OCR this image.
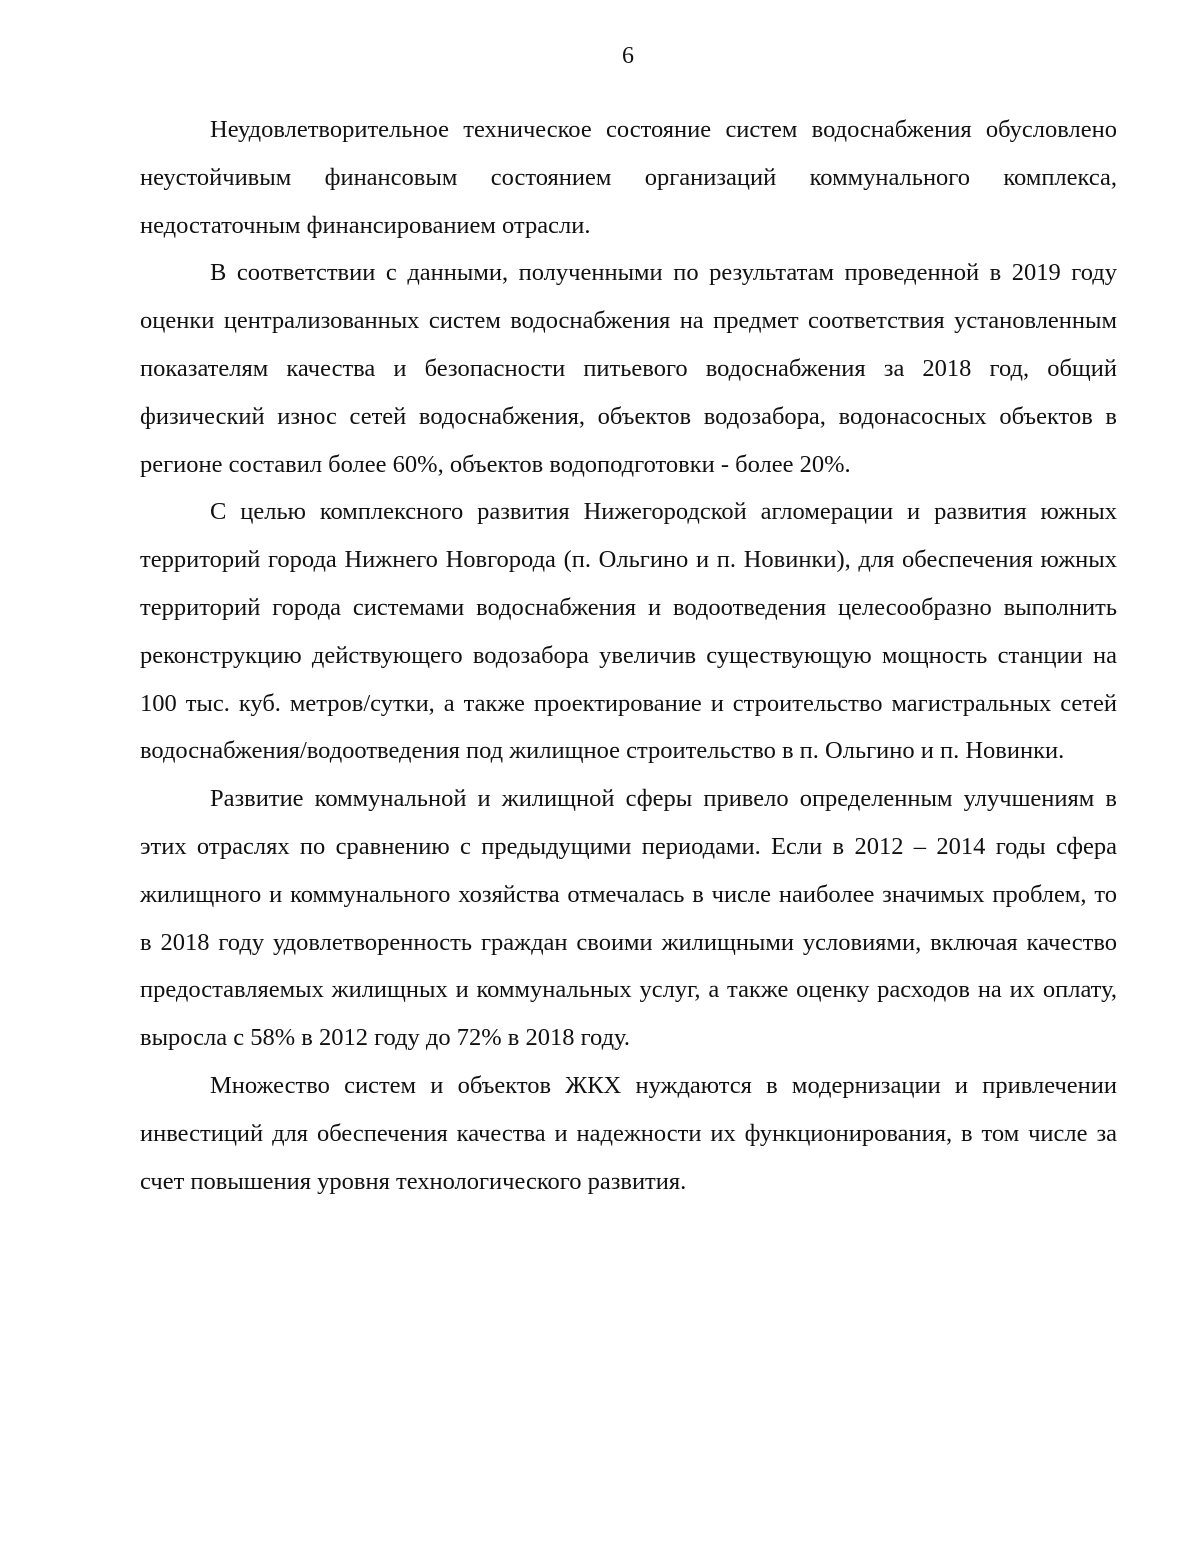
6

Неудовлетворительное техническое состояние систем водоснабжения обусловлено неустойчивым финансовым состоянием организаций коммунального комплекса, недостаточным финансированием отрасли.

В соответствии с данными, полученными по результатам проведенной в 2019 году оценки централизованных систем водоснабжения на предмет соответствия установленным показателям качества и безопасности питьевого водоснабжения за 2018 год, общий физический износ сетей водоснабжения, объектов водозабора, водонасосных объектов в регионе составил более 60%, объектов водоподготовки - более 20%.

С целью комплексного развития Нижегородской агломерации и развития южных территорий города Нижнего Новгорода (п. Ольгино и п. Новинки), для обеспечения южных территорий города системами водоснабжения и водоотведения целесообразно выполнить реконструкцию действующего водозабора увеличив существующую мощность станции на 100 тыс. куб. метров/сутки, а также проектирование и строительство магистральных сетей водоснабжения/водоотведения под жилищное строительство в п. Ольгино и п. Новинки.

Развитие коммунальной и жилищной сферы привело определенным улучшениям в этих отраслях по сравнению с предыдущими периодами. Если в 2012 – 2014 годы сфера жилищного и коммунального хозяйства отмечалась в числе наиболее значимых проблем, то в 2018 году удовлетворенность граждан своими жилищными условиями, включая качество предоставляемых жилищных и коммунальных услуг, а также оценку расходов на их оплату, выросла с 58% в 2012 году до 72% в 2018 году.

Множество систем и объектов ЖКХ нуждаются в модернизации и привлечении инвестиций для обеспечения качества и надежности их функционирования, в том числе за счет повышения уровня технологического развития.
